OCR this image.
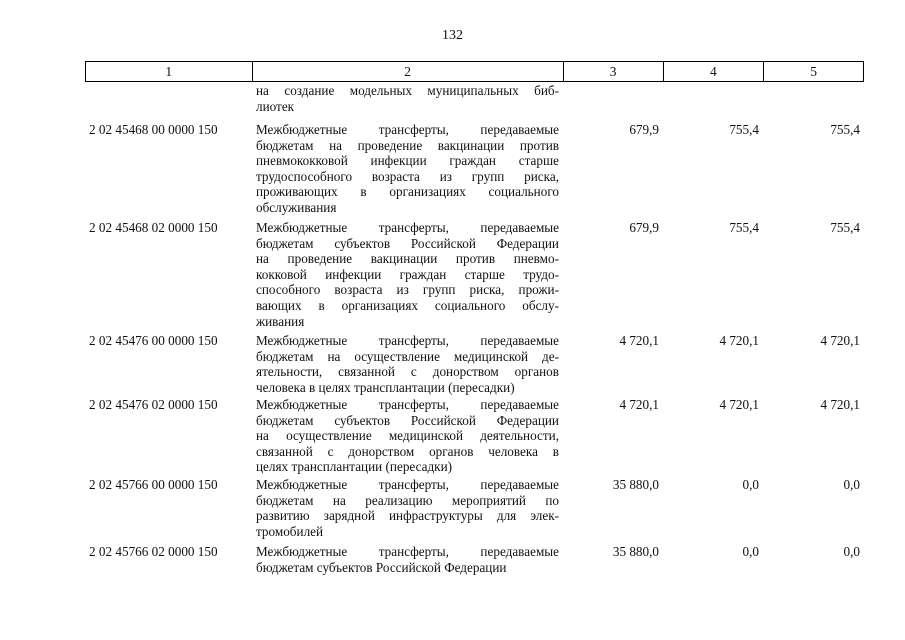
132
1	2	3	4	5
на создание модельных муниципальных биб-
лиотек
2 02 45468 00 0000 150	Межбюджетные трансферты, передаваемые
бюджетам на проведение вакцинации против
пневмококковой инфекции граждан старше
трудоспособного возраста из групп риска,
проживающих в организациях социального
обслуживания
679,9	755,4	755,4
2 02 45468 02 0000 150	Межбюджетные трансферты, передаваемые
бюджетам субъектов Российской Федерации
на проведение вакцинации против пневмо-
кокковой инфекции граждан старше трудо-
способного возраста из групп риска, прожи-
вающих в организациях социального обслу-
живания
679,9	755,4	755,4
2 02 45476 00 0000 150	Межбюджетные трансферты, передаваемые
бюджетам на осуществление медицинской де-
ятельности, связанной с донорством органов
человека в целях трансплантации (пересадки)
4 720,1	4 720,1	4 720,1
2 02 45476 02 0000 150	Межбюджетные трансферты, передаваемые
бюджетам субъектов Российской Федерации
на осуществление медицинской деятельности,
связанной с донорством органов человека в
целях трансплантации (пересадки)
4 720,1	4 720,1	4 720,1
2 02 45766 00 0000 150	Межбюджетные трансферты, передаваемые
бюджетам на реализацию мероприятий по
развитию зарядной инфраструктуры для элек-
тромобилей
35 880,0	0,0	0,0
2 02 45766 02 0000 150	Межбюджетные трансферты, передаваемые
бюджетам субъектов Российской Федерации
35 880,0	0,0	0,0
